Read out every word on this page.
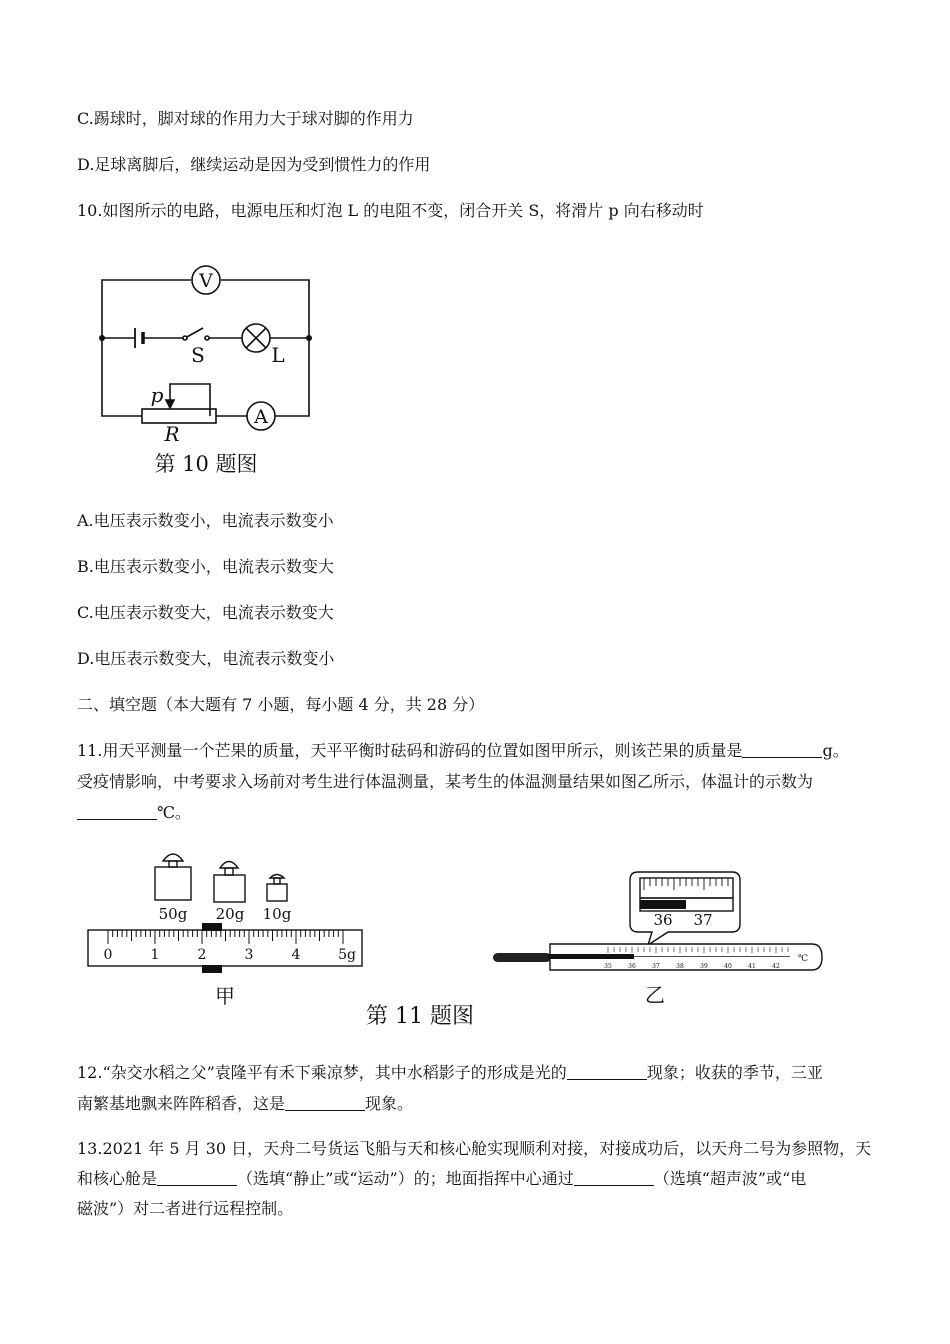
C.踢球时，脚对球的作用力大于球对脚的作用力
D.足球离脚后，继续运动是因为受到惯性力的作用
10.如图所示的电路，电源电压和灯泡 L 的电阻不变，闭合开关 S，将滑片 p 向右移动时
V
A
S	L
p
R
第 10 题图
A.电压表示数变小，电流表示数变小
B.电压表示数变小，电流表示数变大
C.电压表示数变大，电流表示数变大
D.电压表示数变大，电流表示数变小
二、填空题（本大题有 7 小题，每小题 4 分，共 28 分）
11.用天平测量一个芒果的质量，天平平衡时砝码和游码的位置如图甲所示，则该芒果的质量是	g。
受疫情影响，中考要求入场前对考生进行体温测量，某考生的体温测量结果如图乙所示，体温计的示数为
℃。
50g 20g 10g
0	1	2	3	4	5g
甲
第 11 题图
36 37
35	36	37	38	39	40	41	42
℃
乙
12.“杂交水稻之父”袁隆平有禾下乘凉梦，其中水稻影子的形成是光的	现象；收获的季节，三亚
南繁基地飘来阵阵稻香，这是	现象。
13.2021 年 5 月 30 日，天舟二号货运飞船与天和核心舱实现顺利对接，对接成功后，以天舟二号为参照物，天
和核心舱是	（选填“静止”或“运动”）的；地面指挥中心通过	（选填“超声波”或“电
磁波”）对二者进行远程控制。
